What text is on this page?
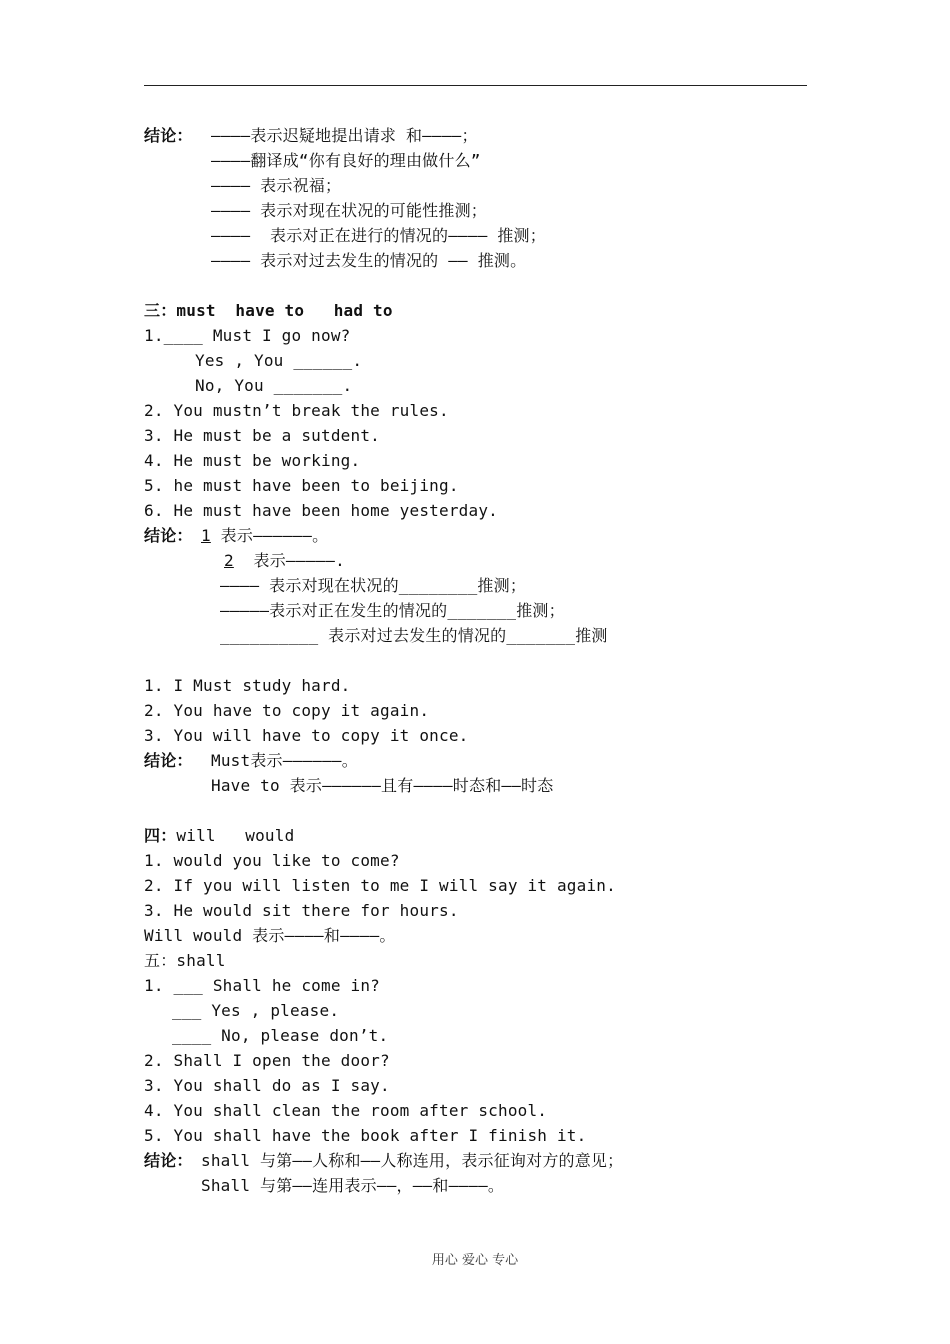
结论： ————表示迟疑地提出请求 和————；
————翻译成“你有良好的理由做什么”
———— 表示祝福；
———— 表示对现在状况的可能性推测；
————  表示对正在进行的情况的———— 推测；
———— 表示对过去发生的情况的 —— 推测。
三：must  have to   had to
1.____ Must I go now?
Yes , You ______.
No, You _______.
2. You mustn’t break the rules.
3. He must be a sutdent.
4. He must be working.
5. he must have been to beijing.
6. He must have been home yesterday.
结论： 1 表示——————。
2  表示—————.
———— 表示对现在状况的________推测；
—————表示对正在发生的情况的_______推测；
__________ 表示对过去发生的情况的_______推测
1. I Must study hard.
2. You have to copy it again.
3. You will have to copy it once.
结论： Must表示——————。
Have to 表示——————且有————时态和——时态
四：will   would
1. would you like to come?
2. If you will listen to me I will say it again.
3. He would sit there for hours.
Will would 表示————和————。
五：shall
1. ___ Shall he come in?
___ Yes , please.
____ No, please don’t.
2. Shall I open the door?
3. You shall do as I say.
4. You shall clean the room after school.
5. You shall have the book after I finish it.
结论： shall 与第——人称和——人称连用，表示征询对方的意见；
Shall 与第——连用表示——，——和————。
用心 爱心 专心
